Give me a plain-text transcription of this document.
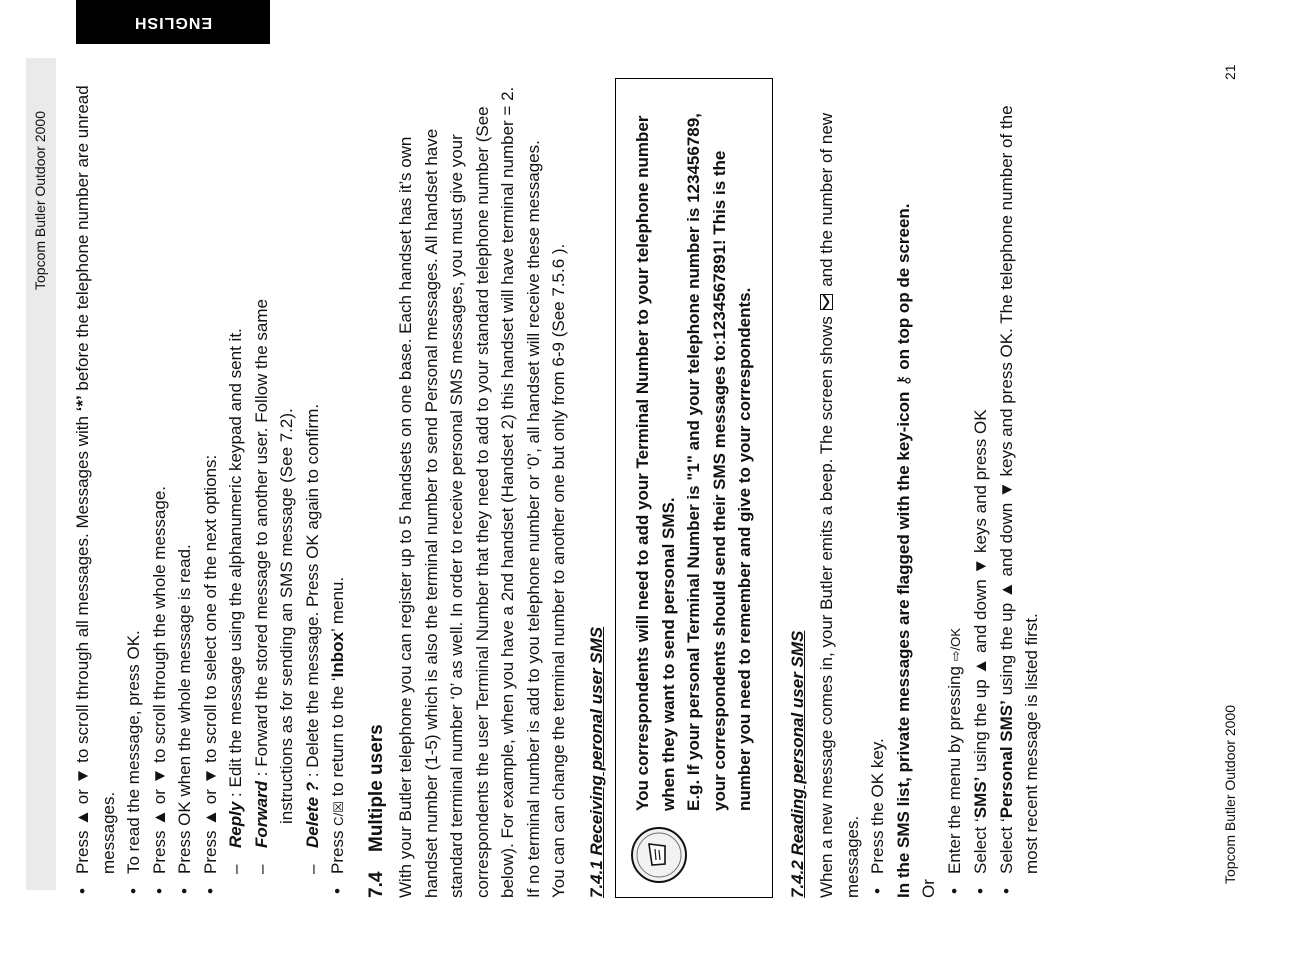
Topcom Butler Outdoor 2000
ENGLISH
• Press ▲ or ▼ to scroll through all messages. Messages with ‘*’ before the telephone number are unread messages. • To read the message, press OK. • Press ▲ or ▼ to scroll through the whole message. • Press OK when the whole message is read. • Press ▲ or ▼ to scroll to select one of the next options:
–
Reply : Edit the message using the alphanumeric keypad and sent it.
–
Forward : Forward the stored message to another user. Follow the same instructions as for sending an SMS message (See 7.2).
–
Delete ? : Delete the message. Press OK again to confirm.
• Press C/☒ to return to the ‘Inbox’ menu.
7.4Multiple users With your Butler telephone you can register up to 5 handsets on one base. Each handset has it’s own handset number (1-5) which is also the terminal number to send Personal messages. All handset have standard terminal number ‘0’ as well. In order to receive personal SMS messages, you must give your correspondents the user Terminal Number that they need to add to your standard telephone number (See below). For example, when you have a 2nd handset (Handset 2) this handset will have terminal number = 2. If no terminal number is add to you telephone number or ‘0’, all handset will receive these messages. You can can change the terminal number to another one but only from 6-9 (See 7.5.6 ). 7.4.1 Receiving peronal user SMS You correspondents will need to add your Terminal Number to your telephone number when they want to send personal SMS. E.g. If your personal Terminal Number is "1" and your telephone number is 123456789, your correspondents should send their SMS messages to:1234567891! This is the number you need to remember and give to your correspondents. 7.4.2 Reading personal user SMS When a new message comes in, your Butler emits a beep. The screen shows  and the number of new messages. • Press the OK key. In the SMS list, private messages are flagged with the key-icon ⚷ on top op de screen.

Or

• Enter the menu by pressing ⇨/OK
• Select ‘SMS’ using the up ▲ and down ▼ keys and press OK
• Select ‘Personal SMS’ using the up ▲ and down ▼ keys and press OK. The telephone number of the most recent message is listed first.	Topcom Butler Outdoor 2000
21
